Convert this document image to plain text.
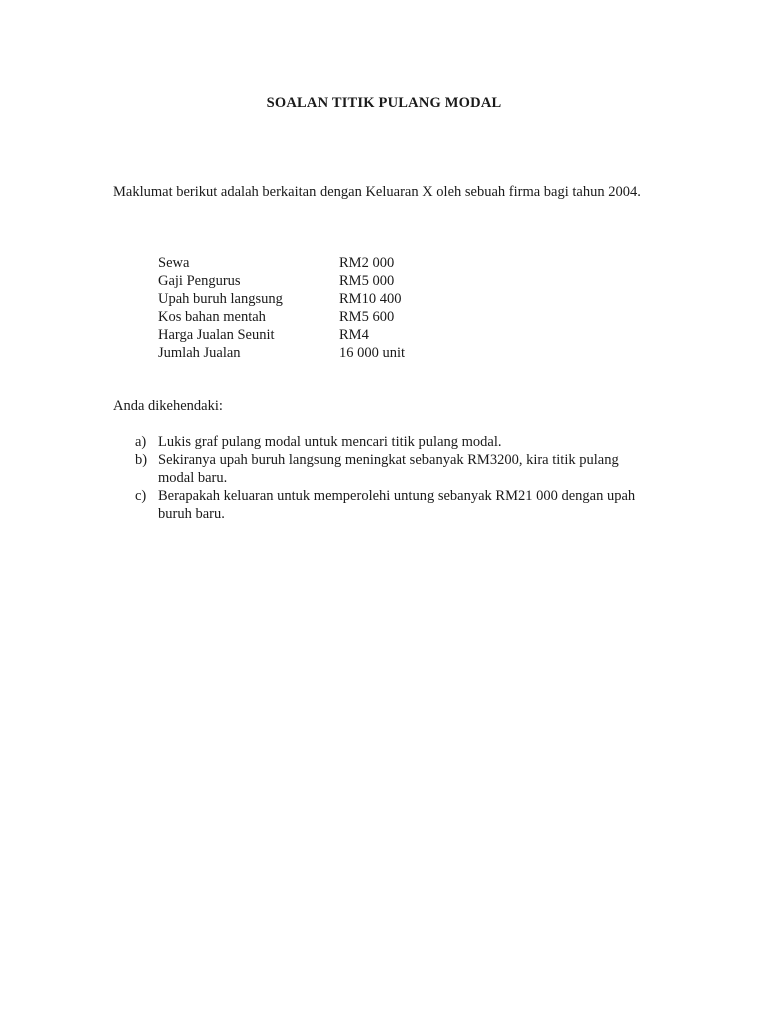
SOALAN TITIK PULANG MODAL
Maklumat berikut adalah berkaitan dengan Keluaran X oleh sebuah firma bagi tahun 2004.
Sewa	RM2 000
Gaji Pengurus	RM5 000
Upah buruh langsung	RM10 400
Kos bahan mentah	RM5 600
Harga Jualan Seunit	RM4
Jumlah Jualan	16 000 unit
Anda dikehendaki:
a) Lukis graf pulang modal untuk mencari titik pulang modal.
b) Sekiranya upah buruh langsung meningkat sebanyak RM3200, kira titik pulang modal baru.
c) Berapakah keluaran untuk memperolehi untung sebanyak RM21 000 dengan upah buruh baru.
